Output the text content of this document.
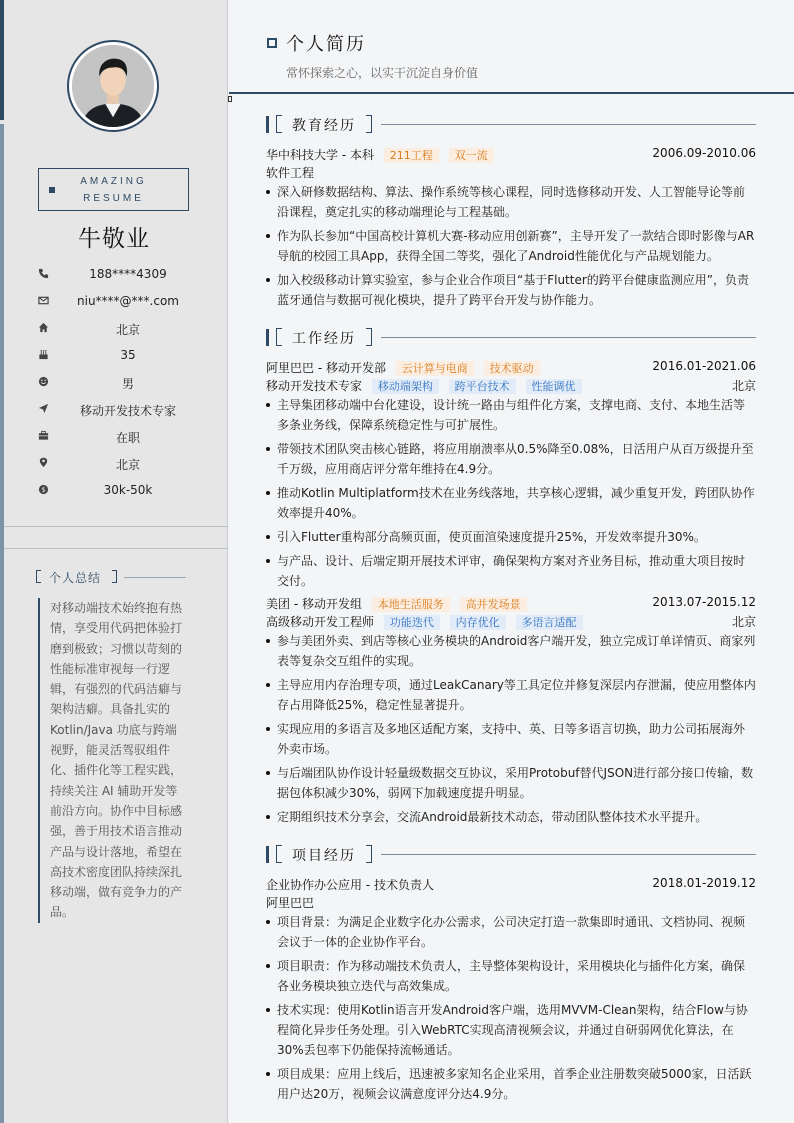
AMAZING
RESUME
牛敬业
188****4309
niu****@***.com
北京
35
男
移动开发技术专家
在职
北京
$	30k-50k
个人总结
对移动端技术始终抱有热情，享受用代码把体验打磨到极致；习惯以苛刻的性能标准审视每一行逻辑，有强烈的代码洁癖与架构洁癖。具备扎实的 Kotlin/Java 功底与跨端视野，能灵活驾驭组件化、插件化等工程实践，持续关注 AI 辅助开发等前沿方向。协作中目标感强，善于用技术语言推动产品与设计落地，希望在高技术密度团队持续深扎移动端，做有竞争力的产品。
个人简历
常怀探索之心，以实干沉淀自身价值
教育经历
华中科技大学 - 本科 211工程 双一流	2006.09-2010.06
软件工程
深入研修数据结构、算法、操作系统等核心课程，同时选修移动开发、人工智能导论等前沿课程，奠定扎实的移动端理论与工程基础。
作为队长参加“中国高校计算机大赛-移动应用创新赛”，主导开发了一款结合即时影像与AR导航的校园工具App，获得全国二等奖，强化了Android性能优化与产品规划能力。
加入校级移动计算实验室，参与企业合作项目“基于Flutter的跨平台健康监测应用”，负责蓝牙通信与数据可视化模块，提升了跨平台开发与协作能力。
工作经历
阿里巴巴 - 移动开发部 云计算与电商 技术驱动	2016.01-2021.06
移动开发技术专家 移动端架构 跨平台技术 性能调优	北京
主导集团移动端中台化建设，设计统一路由与组件化方案，支撑电商、支付、本地生活等多条业务线，保障系统稳定性与可扩展性。
带领技术团队突击核心链路，将应用崩溃率从0.5%降至0.08%，日活用户从百万级提升至千万级，应用商店评分常年维持在4.9分。
推动Kotlin Multiplatform技术在业务线落地，共享核心逻辑，减少重复开发，跨团队协作效率提升40%。
引入Flutter重构部分高频页面，使页面渲染速度提升25%，开发效率提升30%。
与产品、设计、后端定期开展技术评审，确保架构方案对齐业务目标，推动重大项目按时交付。
美团 - 移动开发组 本地生活服务 高并发场景	2013.07-2015.12
高级移动开发工程师 功能迭代 内存优化 多语言适配	北京
参与美团外卖、到店等核心业务模块的Android客户端开发，独立完成订单详情页、商家列表等复杂交互组件的实现。
主导应用内存治理专项，通过LeakCanary等工具定位并修复深层内存泄漏，使应用整体内存占用降低25%，稳定性显著提升。
实现应用的多语言及多地区适配方案，支持中、英、日等多语言切换，助力公司拓展海外外卖市场。
与后端团队协作设计轻量级数据交互协议，采用Protobuf替代JSON进行部分接口传输，数据包体积减少30%，弱网下加载速度提升明显。
定期组织技术分享会，交流Android最新技术动态，带动团队整体技术水平提升。
项目经历
企业协作办公应用 - 技术负责人	2018.01-2019.12
阿里巴巴
项目背景：为满足企业数字化办公需求，公司决定打造一款集即时通讯、文档协同、视频会议于一体的企业协作平台。
项目职责：作为移动端技术负责人，主导整体架构设计，采用模块化与插件化方案，确保各业务模块独立迭代与高效集成。
技术实现：使用Kotlin语言开发Android客户端，选用MVVM-Clean架构，结合Flow与协程简化异步任务处理。引入WebRTC实现高清视频会议，并通过自研弱网优化算法，在30%丢包率下仍能保持流畅通话。
项目成果：应用上线后，迅速被多家知名企业采用，首季企业注册数突破5000家，日活跃用户达20万，视频会议满意度评分达4.9分。
